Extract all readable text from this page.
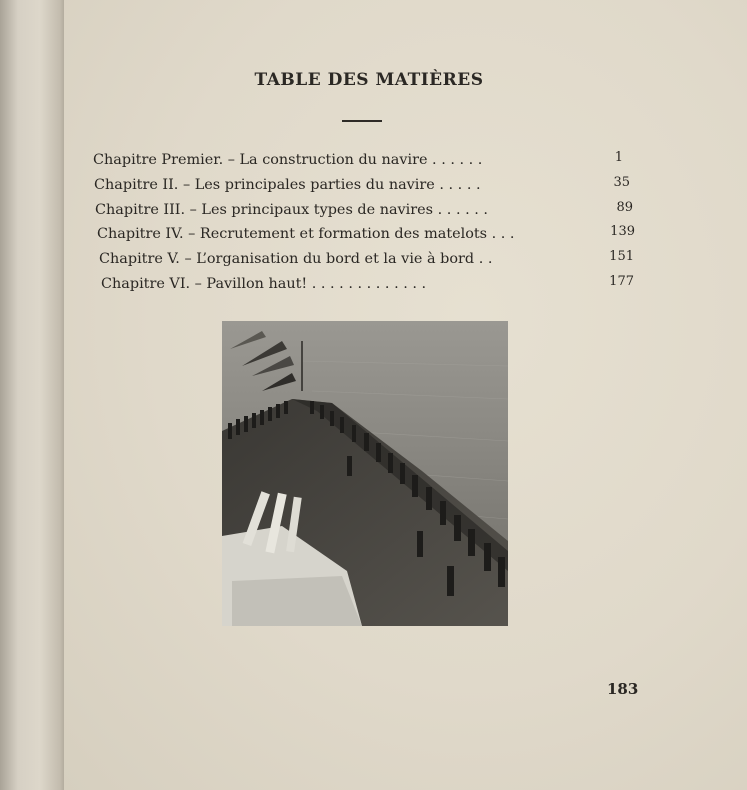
TABLE DES MATIÈRES
Chapitre Premier. – La construction du navire . . . . . .	1
Chapitre II. – Les principales parties du navire . . . . .	35
Chapitre III. – Les principaux types de navires . . . . . .	89
Chapitre IV. – Recrutement et formation des matelots . . .	139
Chapitre V. – L’organisation du bord et la vie à bord . .	151
Chapitre VI. – Pavillon haut! . . . . . . . . . . . . .	177
183
